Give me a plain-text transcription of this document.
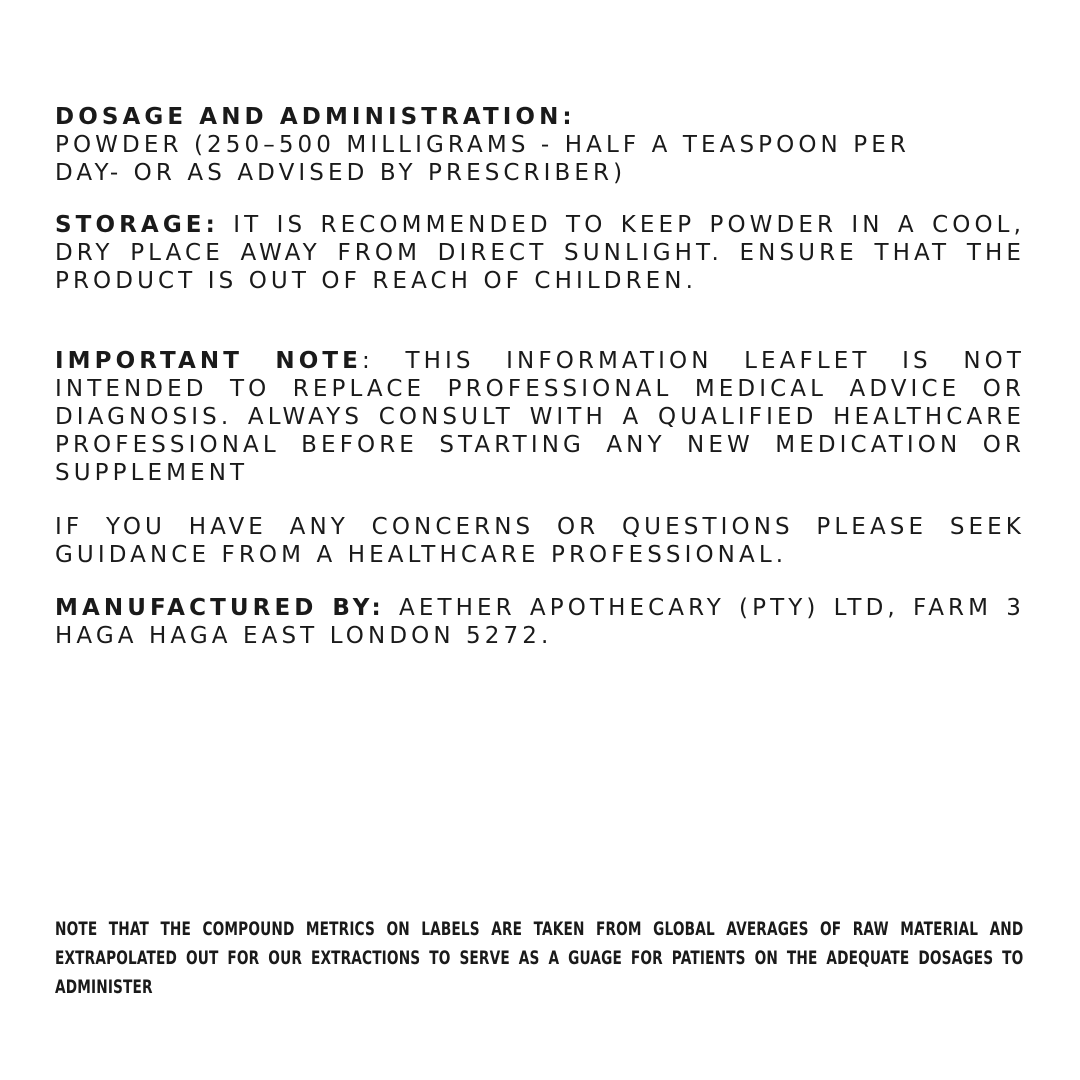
DOSAGE AND ADMINISTRATION:
POWDER (250–500 MILLIGRAMS - HALF A TEASPOON PER
DAY- OR AS ADVISED BY PRESCRIBER)

STORAGE: IT IS RECOMMENDED TO KEEP POWDER IN A COOL, DRY PLACE AWAY FROM DIRECT SUNLIGHT. ENSURE THAT THE PRODUCT IS OUT OF REACH OF CHILDREN.

IMPORTANT NOTE: THIS INFORMATION LEAFLET IS NOT INTENDED TO REPLACE PROFESSIONAL MEDICAL ADVICE OR DIAGNOSIS. ALWAYS CONSULT WITH A QUALIFIED HEALTHCARE PROFESSIONAL BEFORE STARTING ANY NEW MEDICATION OR SUPPLEMENT

IF YOU HAVE ANY CONCERNS OR QUESTIONS PLEASE SEEK GUIDANCE FROM A HEALTHCARE PROFESSIONAL.

MANUFACTURED BY: AETHER APOTHECARY (PTY) LTD, FARM 3 HAGA HAGA EAST LONDON 5272.

NOTE THAT THE COMPOUND METRICS ON LABELS ARE TAKEN FROM GLOBAL AVERAGES OF RAW MATERIAL AND EXTRAPOLATED OUT FOR OUR EXTRACTIONS TO SERVE AS A GUAGE FOR PATIENTS ON THE ADEQUATE DOSAGES TO ADMINISTER
